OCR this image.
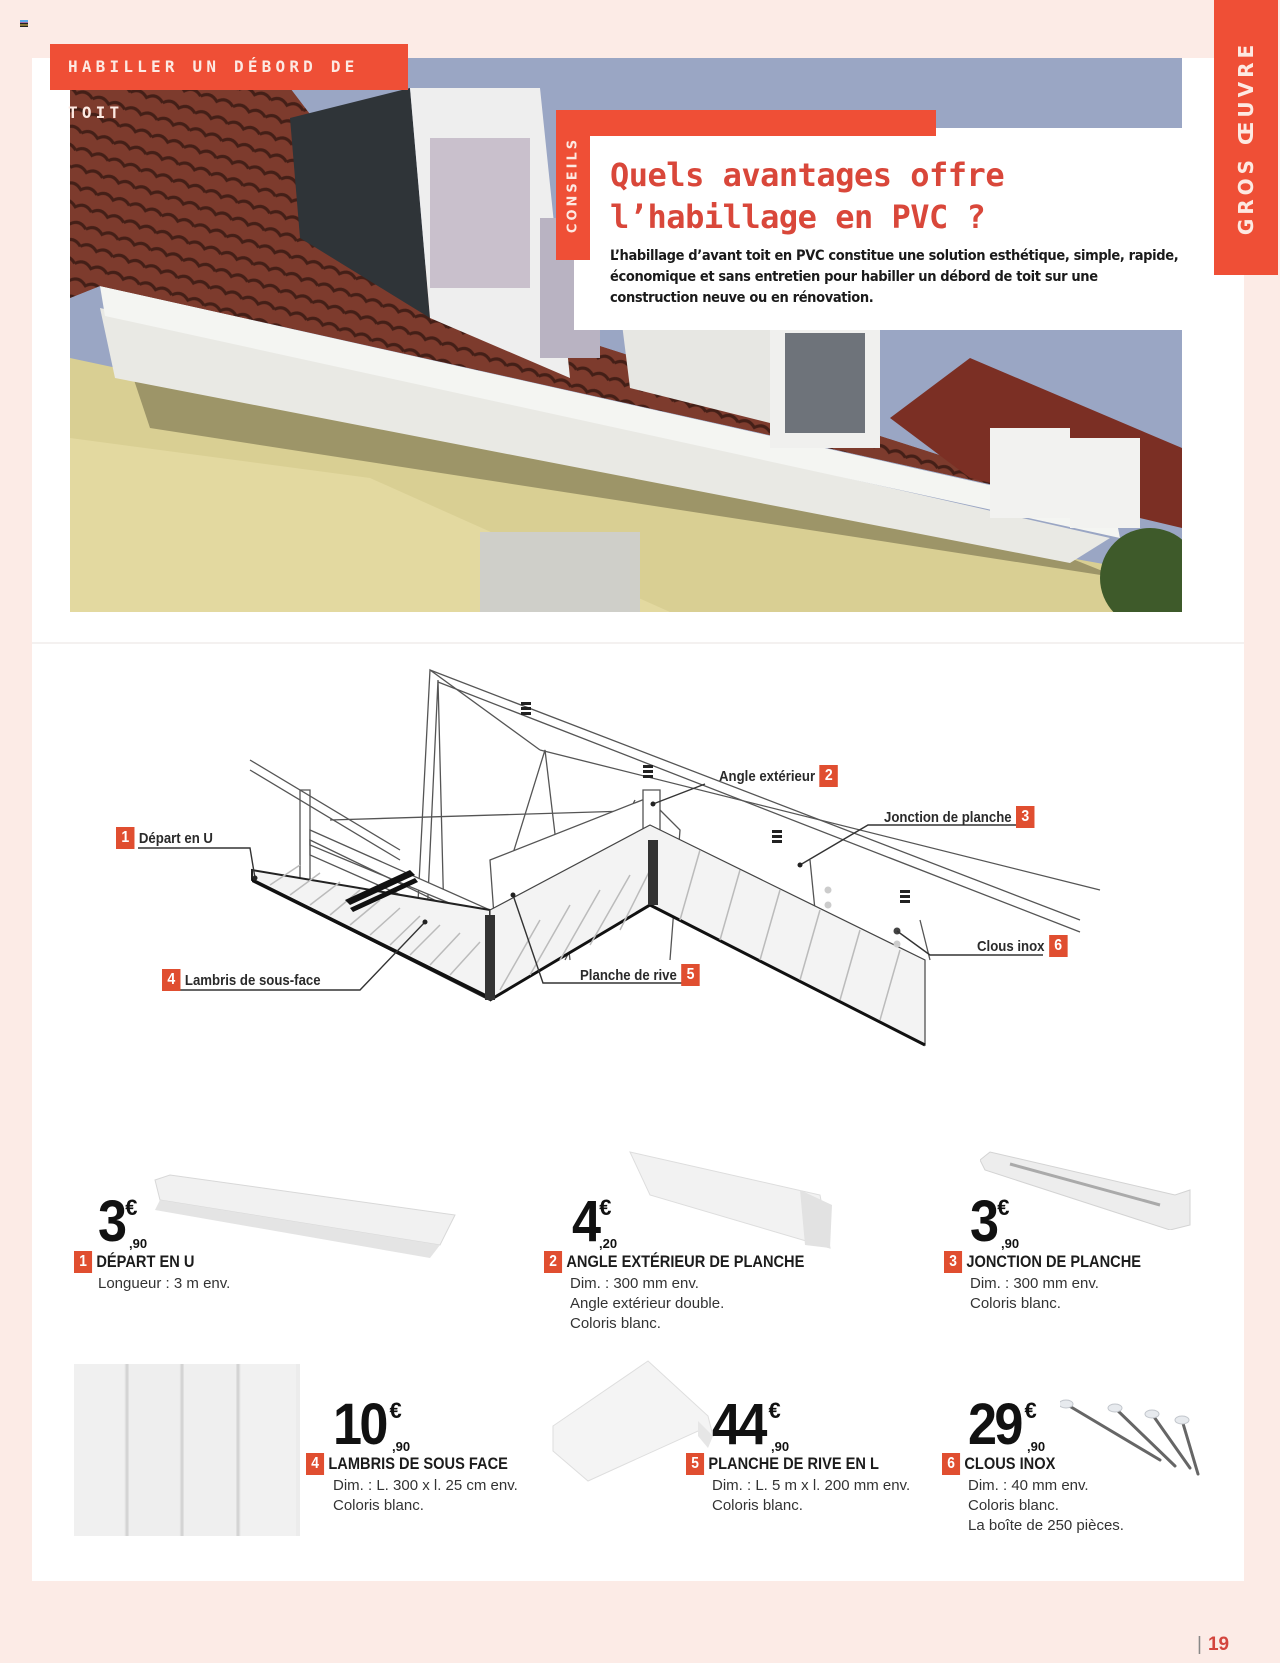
HABILLER UN DÉBORD DE TOIT	GROS ŒUVRE
Quels avantages offre
l’habillage en PVC ?
L’habillage d’avant toit en PVC constitue une solution esthétique, simple, rapide, économique et sans entretien pour habiller un débord de toit sur une construction neuve ou en rénovation.
CONSEILS
1 Départ en U
Angle extérieur 2
Jonction de planche 3
4 Lambris de sous-face	Planche de rive 5
Clous inox 6
3 €
,90
1 DÉPART EN U
Longueur : 3 m env.
4 €
,20
2 ANGLE EXTÉRIEUR DE PLANCHE
Dim. : 300 mm env.
Angle extérieur double.
Coloris blanc.
3 €
,90
3 JONCTION DE PLANCHE
Dim. : 300 mm env.
Coloris blanc.
10 €
,90
4 LAMBRIS DE SOUS FACE
Dim. : L. 300 x l. 25 cm env.
Coloris blanc.
44 €
,90
5 PLANCHE DE RIVE EN L
Dim. : L. 5 m x l. 200 mm env.
Coloris blanc.
29 €
,90
6 CLOUS INOX
Dim. : 40 mm env.
Coloris blanc.
La boîte de 250 pièces.
| 19
